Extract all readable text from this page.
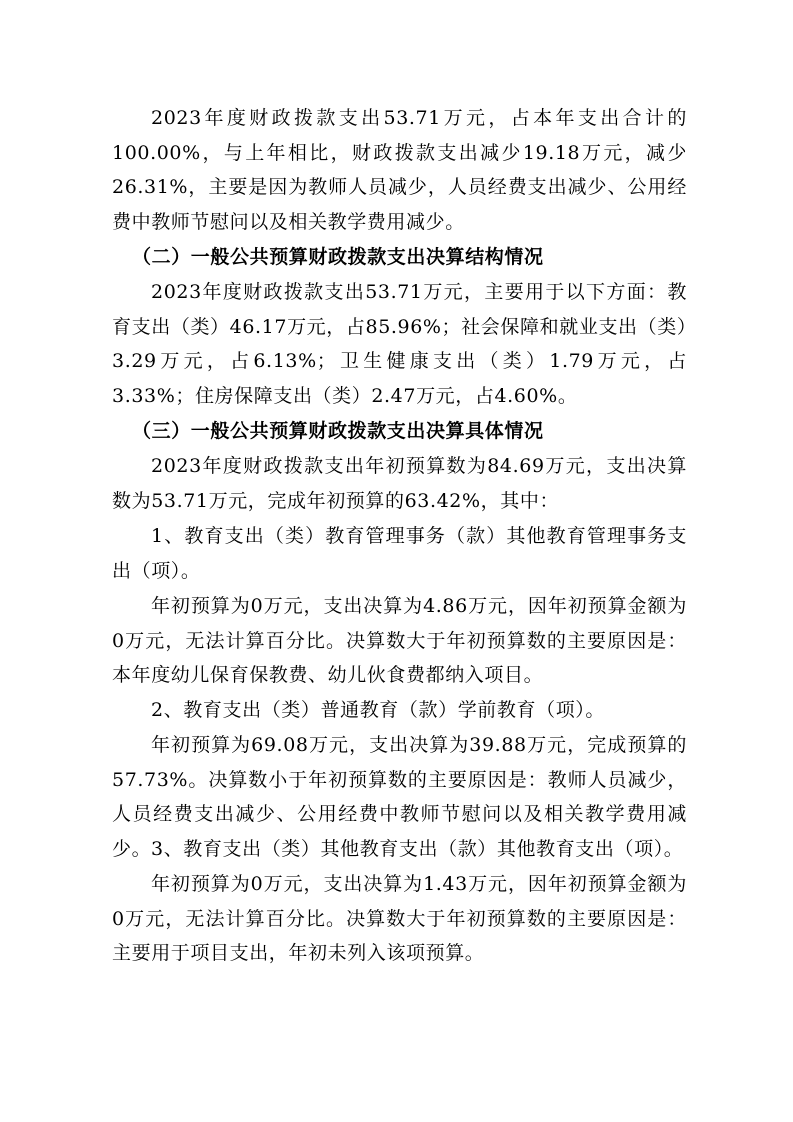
2023年度财政拨款支出53.71万元，占本年支出合计的100.00%，与上年相比，财政拨款支出减少19.18万元，减少26.31%，主要是因为教师人员减少，人员经费支出减少、公用经费中教师节慰问以及相关教学费用减少。

（二）一般公共预算财政拨款支出决算结构情况

2023年度财政拨款支出53.71万元，主要用于以下方面：教育支出（类）46.17万元，占85.96%；社会保障和就业支出（类）3.29万元，占6.13%；卫生健康支出（类）1.79万元，占3.33%；住房保障支出（类）2.47万元，占4.60%。

（三）一般公共预算财政拨款支出决算具体情况

2023年度财政拨款支出年初预算数为84.69万元，支出决算数为53.71万元，完成年初预算的63.42%，其中：

1、教育支出（类）教育管理事务（款）其他教育管理事务支出（项）。

年初预算为0万元，支出决算为4.86万元，因年初预算金额为0万元，无法计算百分比。决算数大于年初预算数的主要原因是：本年度幼儿保育保教费、幼儿伙食费都纳入项目。

2、教育支出（类）普通教育（款）学前教育（项）。

年初预算为69.08万元，支出决算为39.88万元，完成预算的57.73%。决算数小于年初预算数的主要原因是：教师人员减少，人员经费支出减少、公用经费中教师节慰问以及相关教学费用减少。 3、教育支出（类）其他教育支出（款）其他教育支出（项）。

年初预算为0万元，支出决算为1.43万元，因年初预算金额为0万元，无法计算百分比。决算数大于年初预算数的主要原因是：主要用于项目支出，年初未列入该项预算。
